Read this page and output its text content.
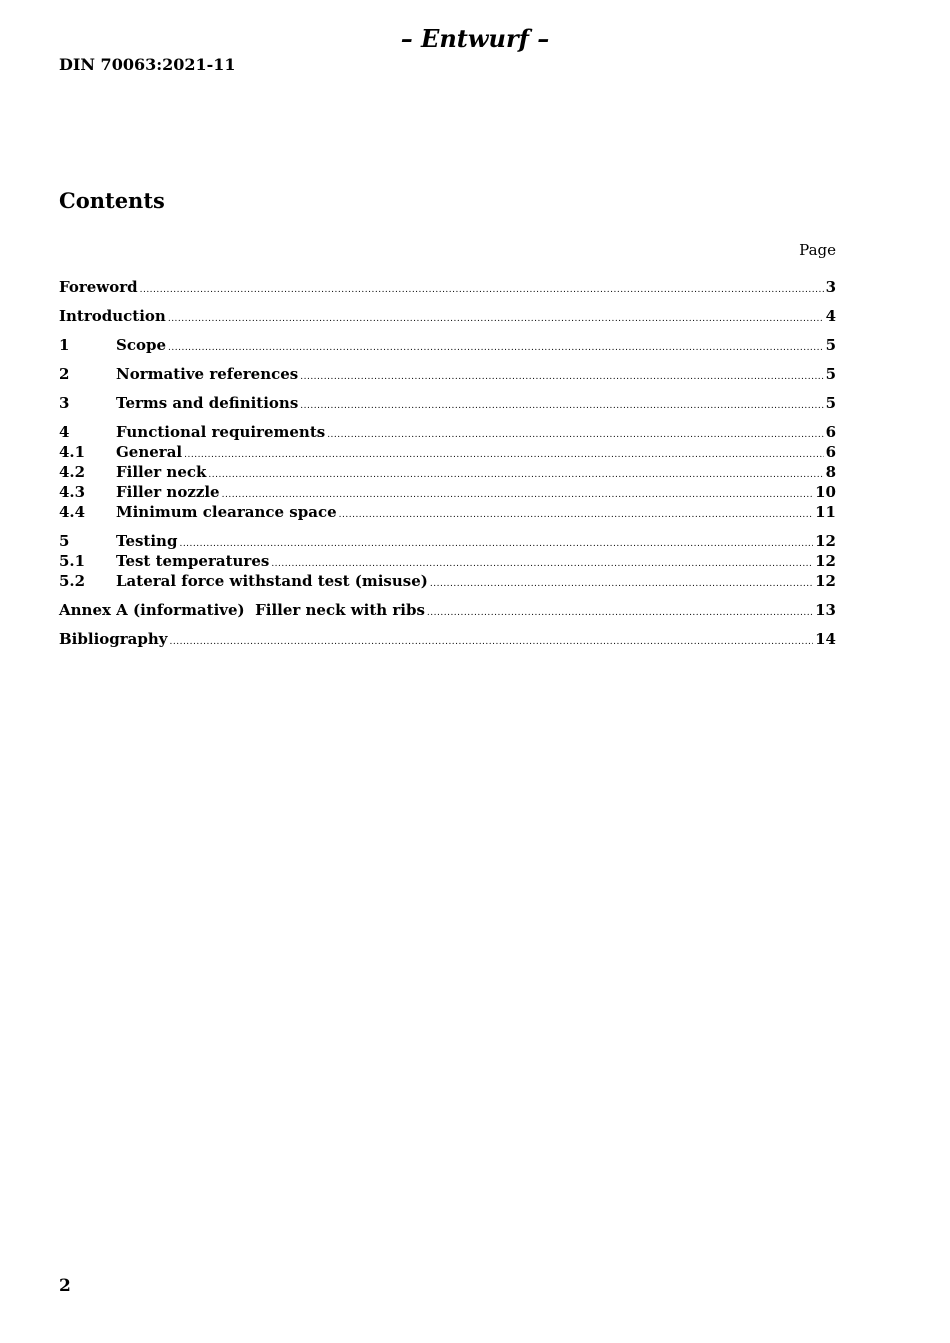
– Entwurf –
DIN 70063:2021-11
Contents
Page
Foreword .....	3
Introduction .....	4
1	Scope .....	5
2	Normative references .....	5
3	Terms and definitions .....	5
4	Functional requirements .....	6
4.1	General .....	6
4.2	Filler neck .....	8
4.3	Filler nozzle .....	10
4.4	Minimum clearance space .....	11
5	Testing .....	12
5.1	Test temperatures .....	12
5.2	Lateral force withstand test (misuse) .....	12
Annex A (informative)  Filler neck with ribs .....	13
Bibliography .....	14
2
